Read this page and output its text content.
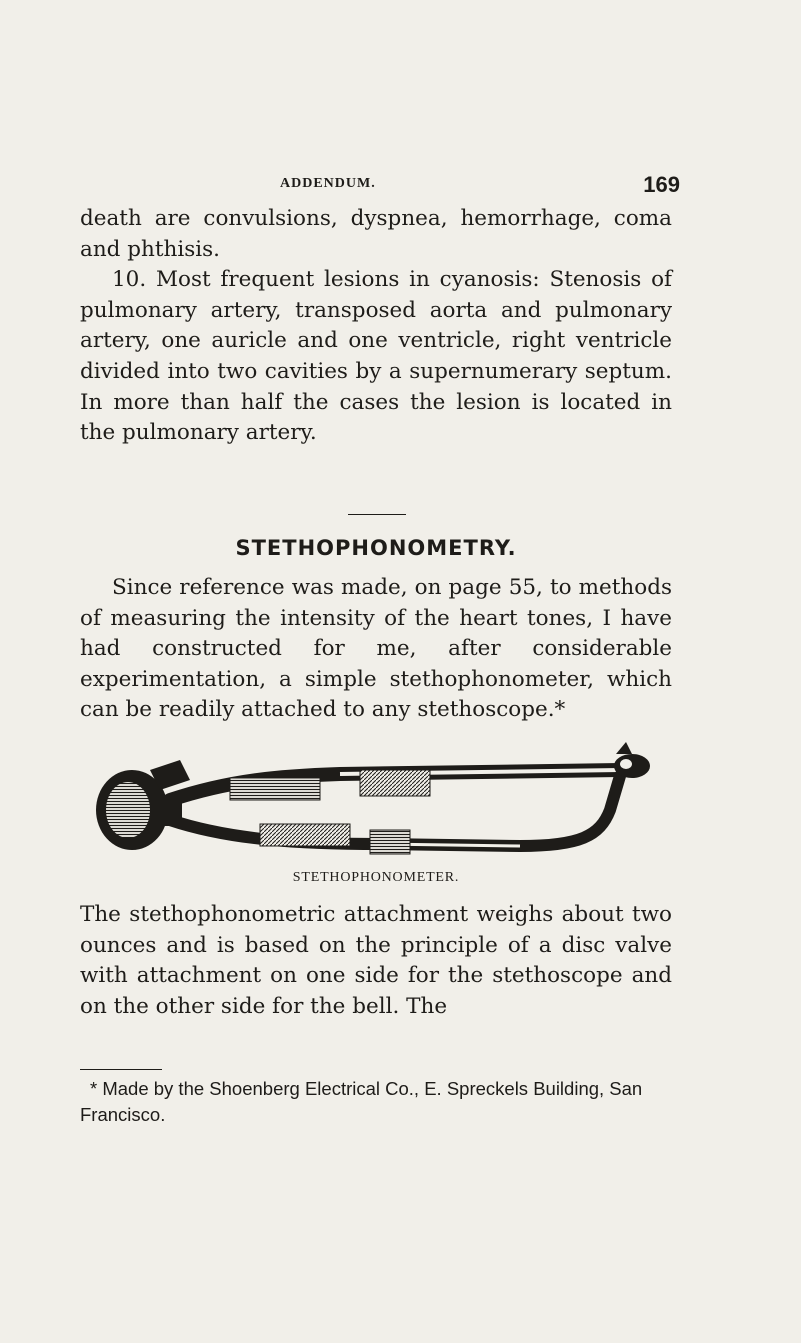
ADDENDUM.	169

death are convulsions, dyspnea, hemorrhage, coma and phthisis.

10. Most frequent lesions in cyanosis: Stenosis of pulmonary artery, transposed aorta and pulmonary artery, one auricle and one ventricle, right ventricle divided into two cavities by a supernumerary septum. In more than half the cases the lesion is located in the pulmonary artery.

STETHOPHONOMETRY.

Since reference was made, on page 55, to methods of measuring the intensity of the heart tones, I have had constructed for me, after considerable experimentation, a simple stethophonometer, which can be readily attached to any stethoscope.*

STETHOPHONOMETER.

The stethophonometric attachment weighs about two ounces and is based on the principle of a disc valve with attachment on one side for the stethoscope and on the other side for the bell. The

* Made by the Shoenberg Electrical Co., E. Spreckels Building, San Francisco.
